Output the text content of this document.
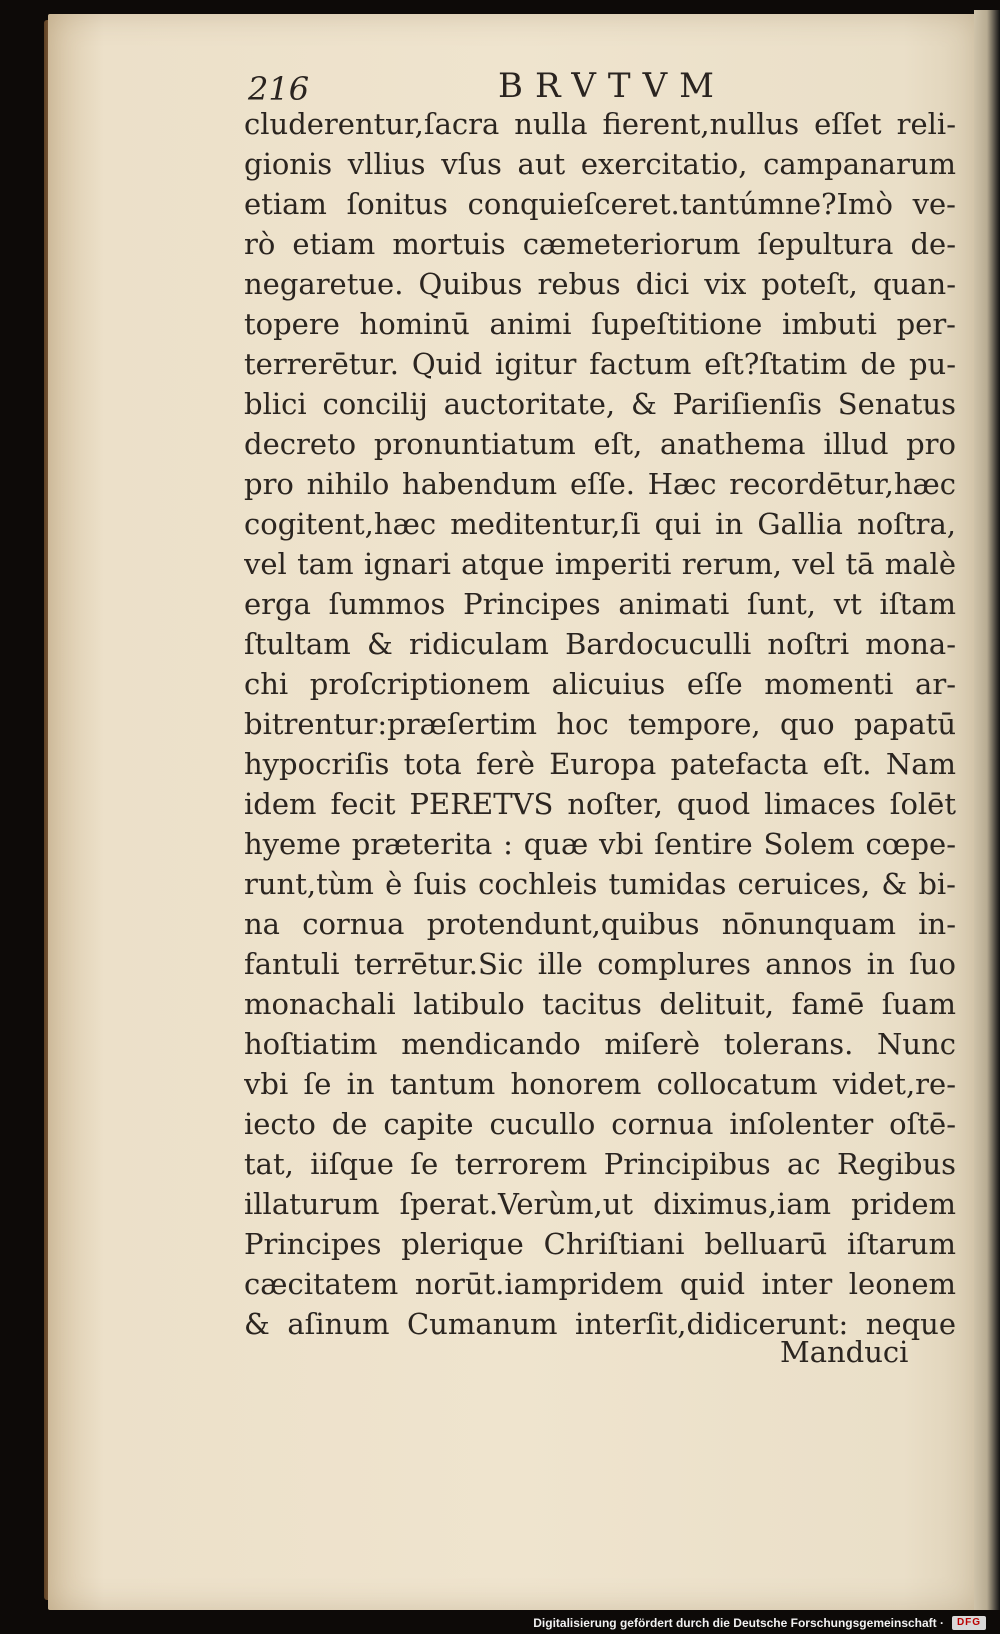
216	BRVTVM
cluderentur,ſacra nulla fierent,nullus eſſet reli-
gionis vllius vſus aut exercitatio, campanarum
etiam ſonitus conquieſceret.tantúmne?Imò ve-
rò etiam mortuis cæmeteriorum ſepultura de-
negaretue. Quibus rebus dici vix poteſt, quan-
topere hominū animi ſupeſtitione imbuti per-
terrerētur. Quid igitur factum eſt?ſtatim de pu-
blici concilij auctoritate, & Pariſienſis Senatus
decreto pronuntiatum eſt, anathema illud pro
pro nihilo habendum eſſe. Hæc recordētur,hæc
cogitent,hæc meditentur,ſi qui in Gallia noſtra,
vel tam ignari atque imperiti rerum, vel tā malè
erga ſummos Principes animati ſunt, vt iſtam
ſtultam & ridiculam Bardocuculli noſtri mona-
chi proſcriptionem alicuius eſſe momenti ar-
bitrentur:præſertim hoc tempore, quo papatū
hypocriſis tota ferè Europa patefacta eſt. Nam
idem fecit PERETVS noſter, quod limaces ſolēt
hyeme præterita : quæ vbi ſentire Solem cœpe-
runt,tùm è ſuis cochleis tumidas ceruices, & bi-
na cornua protendunt,quibus nōnunquam in-
fantuli terrētur.Sic ille complures annos in ſuo
monachali latibulo tacitus delituit, famē ſuam
hoſtiatim mendicando miſerè tolerans. Nunc
vbi ſe in tantum honorem collocatum videt,re-
iecto de capite cucullo cornua inſolenter oſtē-
tat, iiſque ſe terrorem Principibus ac Regibus
illaturum ſperat.Verùm,ut diximus,iam pridem
Principes plerique Chriſtiani belluarū iſtarum
cæcitatem norūt.iampridem quid inter leonem
& aſinum Cumanum interſit,didicerunt: neque
Manduci
Digitalisierung gefördert durch die Deutsche Forschungsgemeinschaft ·	DFG
